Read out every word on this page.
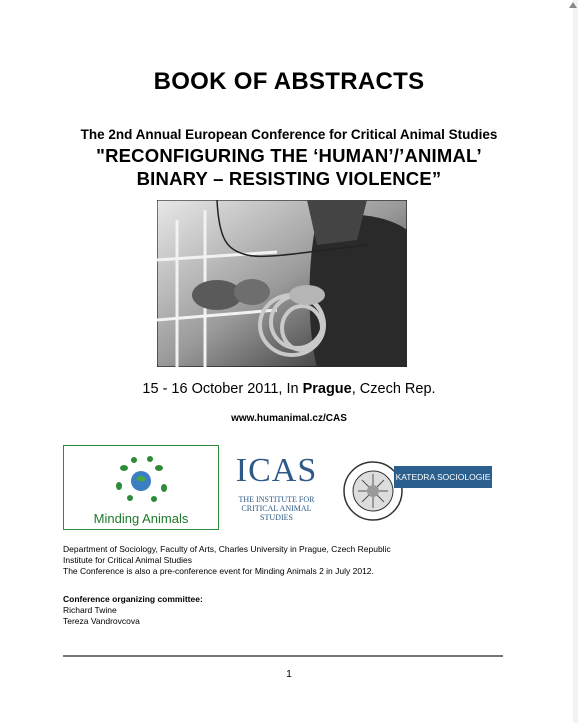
BOOK OF ABSTRACTS
The 2nd Annual European Conference for Critical Animal Studies
"RECONFIGURING THE ‘HUMAN’/’ANIMAL’
BINARY – RESISTING VIOLENCE”
15 - 16 October 2011, In Prague, Czech Rep.
www.humanimal.cz/CAS
Minding Animals
ICAS
THE INSTITUTE FOR
CRITICAL ANIMAL
STUDIES
KATEDRA SOCIOLOGIE
Department of Sociology, Faculty of Arts, Charles University in Prague, Czech Republic
Institute for Critical Animal Studies
The Conference is also a pre-conference event for Minding Animals 2 in July 2012.
Conference organizing committee:
Richard Twine
Tereza Vandrovcova
1
